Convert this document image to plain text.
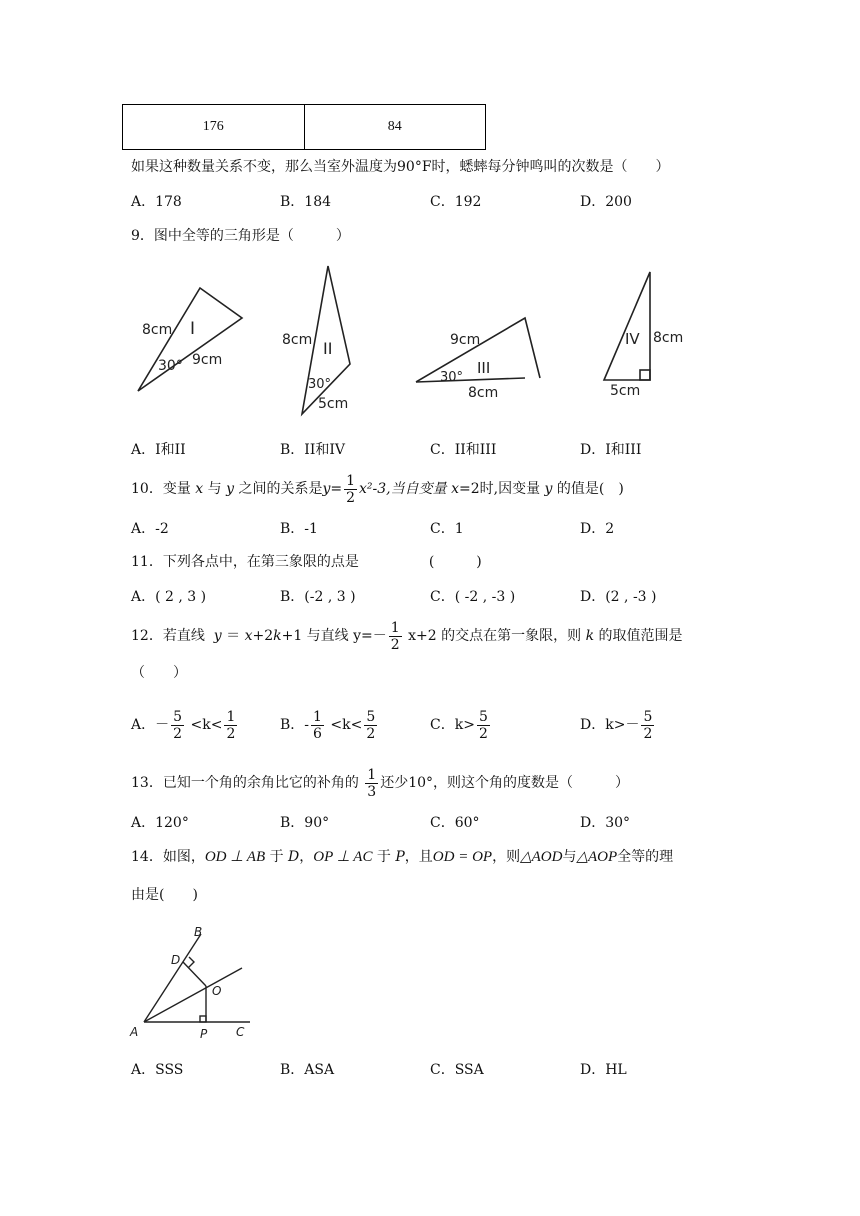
176	84
如果这种数量关系不变，那么当室外温度为90°F时，蟋蟀每分钟鸣叫的次数是（　　）
A．178	B．184	C．192	D．200
9．图中全等的三角形是（　　　）
8cm I
30° 9cm
8cm II
30°
5cm
9cm
III
30°
8cm
IV 8cm
5cm
A．I和II	B．II和IV	C．II和III	D．I和III
10．变量 x 与 y 之间的关系是$y= \frac{1}{2} x^2-3$,当自变量 x=2时,因变量 y 的值是(　)
A．-2	B．-1	C．1	D．2
11．下列各点中，在第三象限的点是　　　　　(　　　)
A．( 2 , 3 )	B．(-2 , 3 )	C．( -2 , -3 )	D．(2 , -3 )
12．若直线 y ＝ x+2k+1 与直线 $y=- \frac{1}{2} x+2$ 的交点在第一象限，则 k 的取值范围是
（　　）
A．－ $\frac{5}{2} <k< \frac{1}{2}$	B．- $\frac{1}{6} <k< \frac{5}{2}$	C．$k> \frac{5}{2}$	D．$k>- \frac{5}{2}$
13．已知一个角的余角比它的补角的 $\frac{1}{3}$ 还少10°，则这个角的度数是（　　　）
A．120°	B．90°	C．60°	D．30°
14．如图，OD ⊥ AB 于 D，OP ⊥ AC 于 P，且OD = OP，则△AOD与△AOP全等的理
由是(　　)
B
D
O
A	P C
A．SSS	B．ASA	C．SSA	D．HL
